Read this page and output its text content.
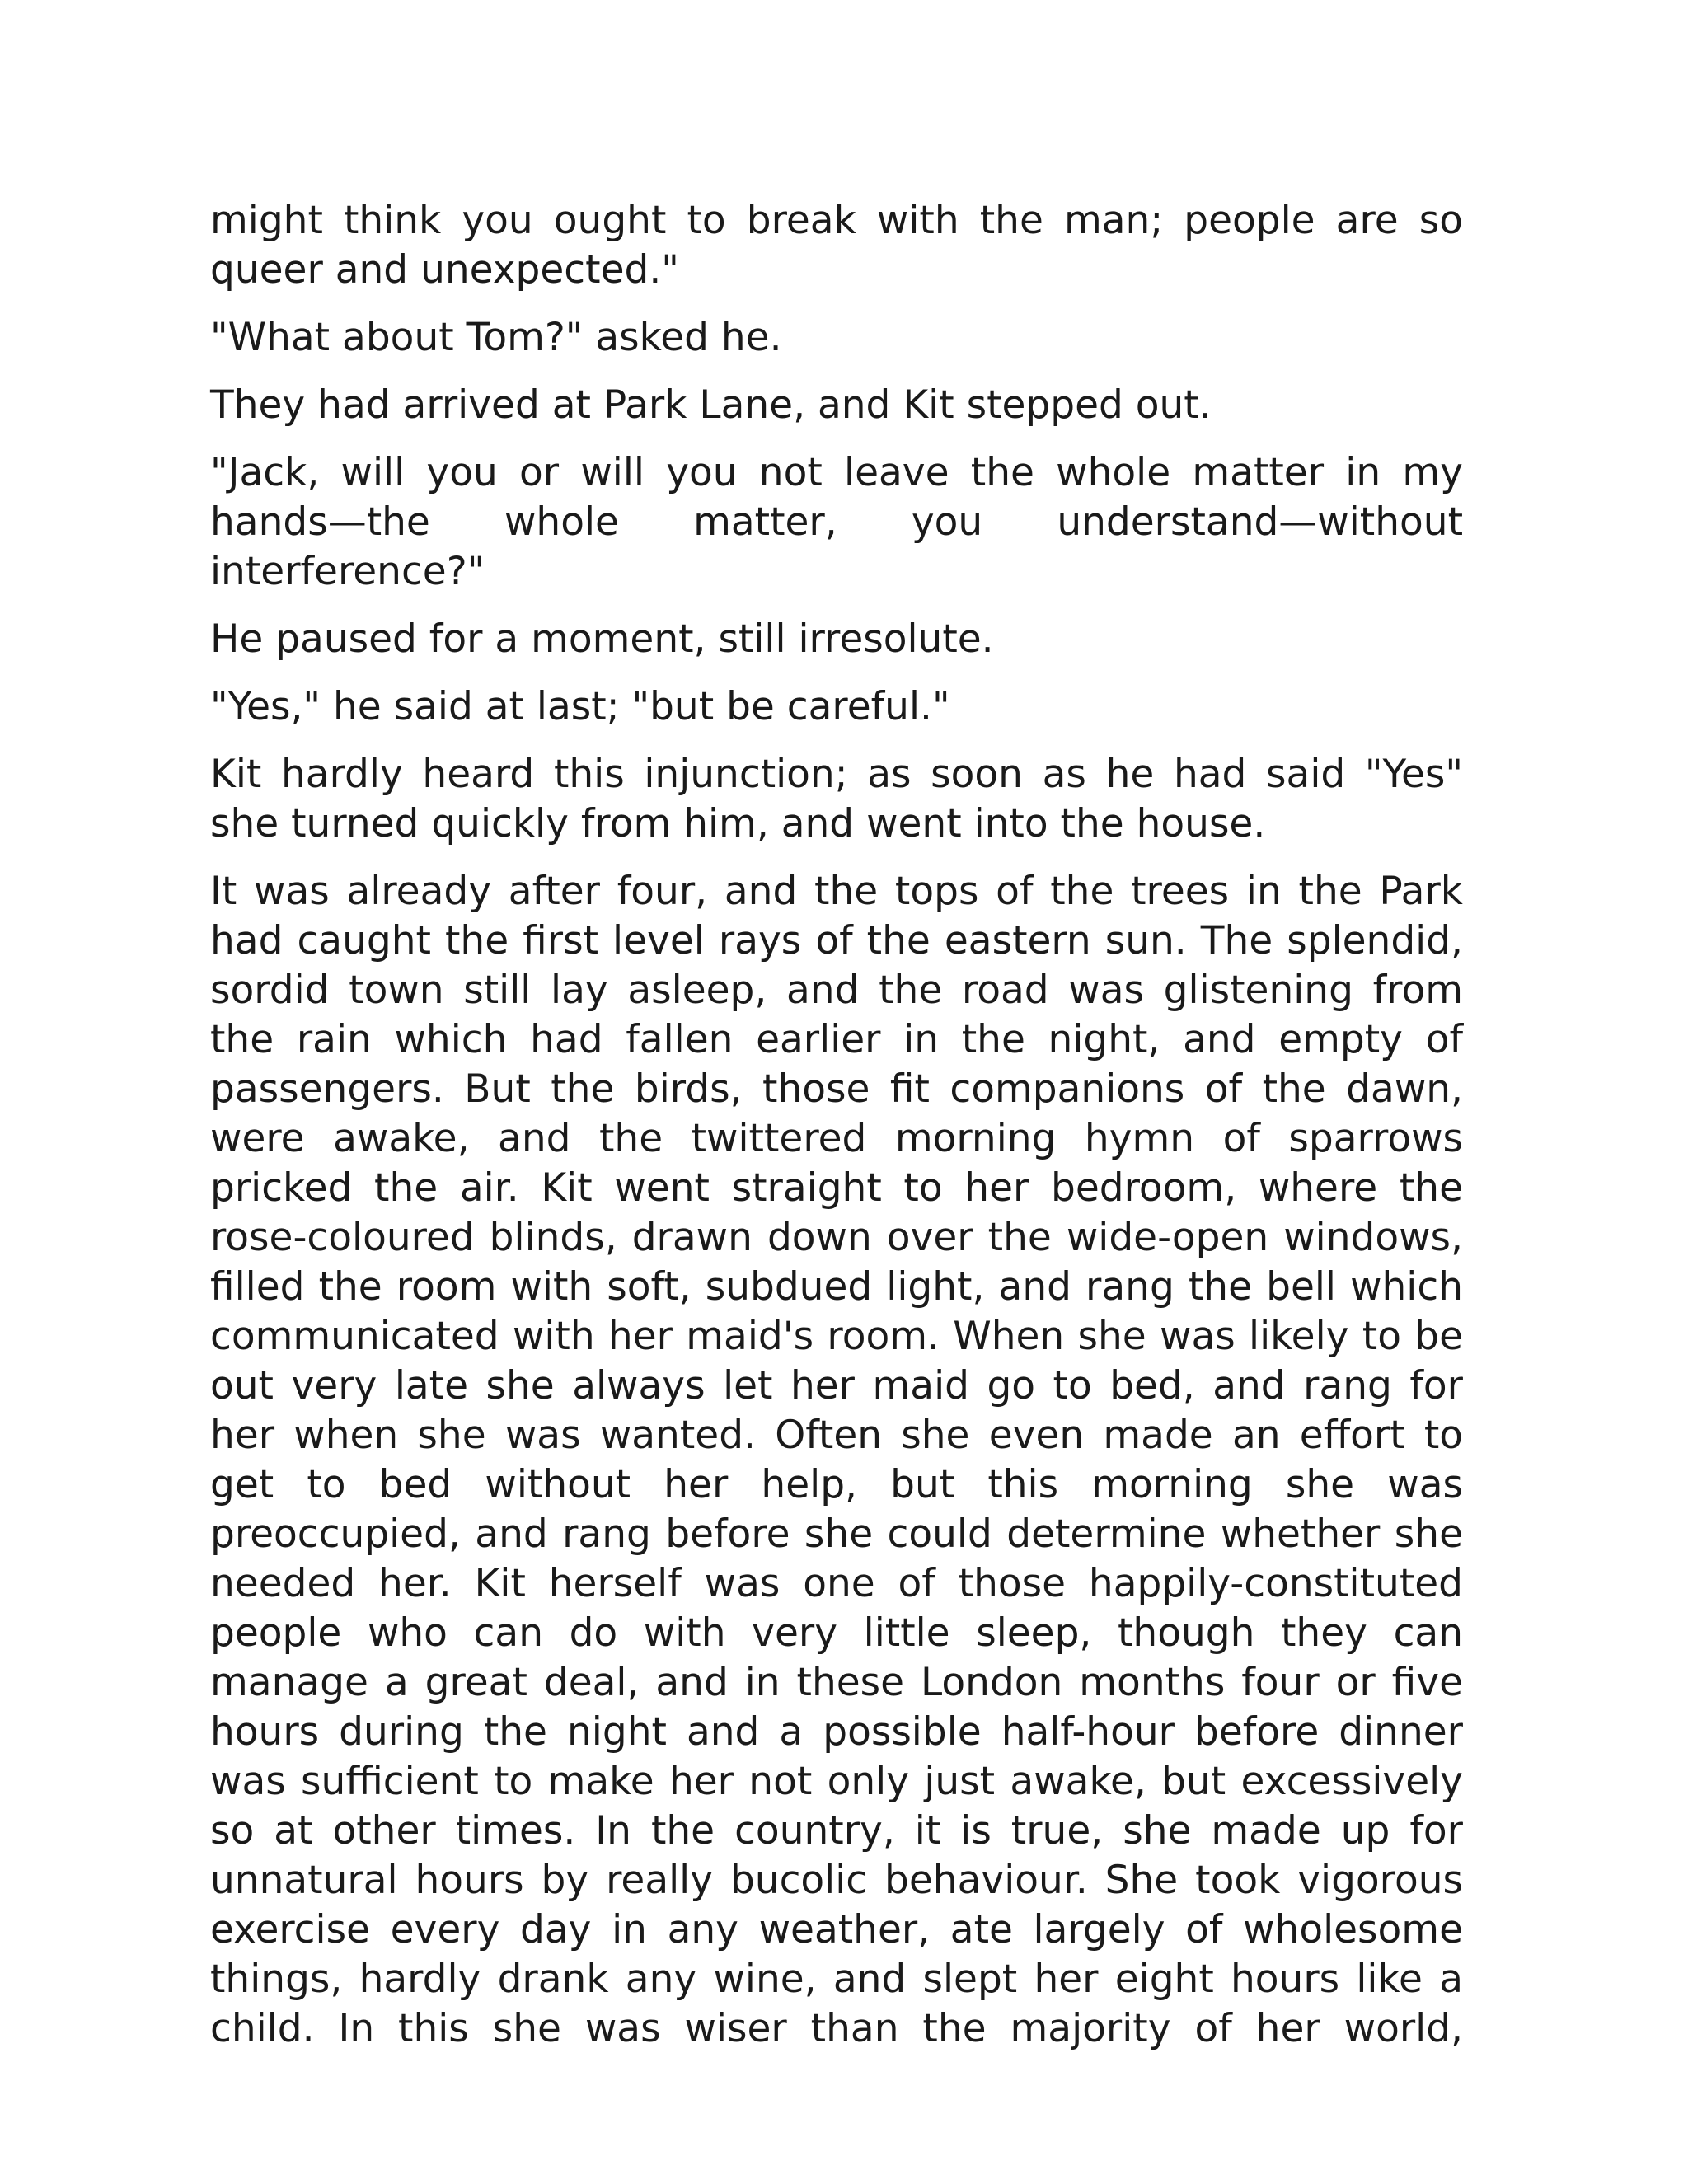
might think you ought to break with the man; people are so queer and unexpected."

"What about Tom?" asked he.

They had arrived at Park Lane, and Kit stepped out.

"Jack, will you or will you not leave the whole matter in my hands—the whole matter, you understand—without interference?"

He paused for a moment, still irresolute.

"Yes," he said at last; "but be careful."

Kit hardly heard this injunction; as soon as he had said "Yes" she turned quickly from him, and went into the house.

It was already after four, and the tops of the trees in the Park had caught the first level rays of the eastern sun. The splendid, sordid town still lay asleep, and the road was glistening from the rain which had fallen earlier in the night, and empty of passengers. But the birds, those fit companions of the dawn, were awake, and the twittered morning hymn of sparrows pricked the air. Kit went straight to her bedroom, where the rose-coloured blinds, drawn down over the wide-open windows, filled the room with soft, subdued light, and rang the bell which communicated with her maid's room. When she was likely to be out very late she always let her maid go to bed, and rang for her when she was wanted. Often she even made an effort to get to bed without her help, but this morning she was preoccupied, and rang before she could determine whether she needed her. Kit herself was one of those happily-constituted people who can do with very little sleep, though they can manage a great deal, and in these London months four or five hours during the night and a possible half-hour before dinner was sufficient to make her not only just awake, but excessively so at other times. In the country, it is true, she made up for unnatural hours by really bucolic behaviour. She took vigorous exercise every day in any weather, ate largely of wholesome things, hardly drank any wine, and slept her eight hours like a child. In this she was wiser than the majority of her world,
